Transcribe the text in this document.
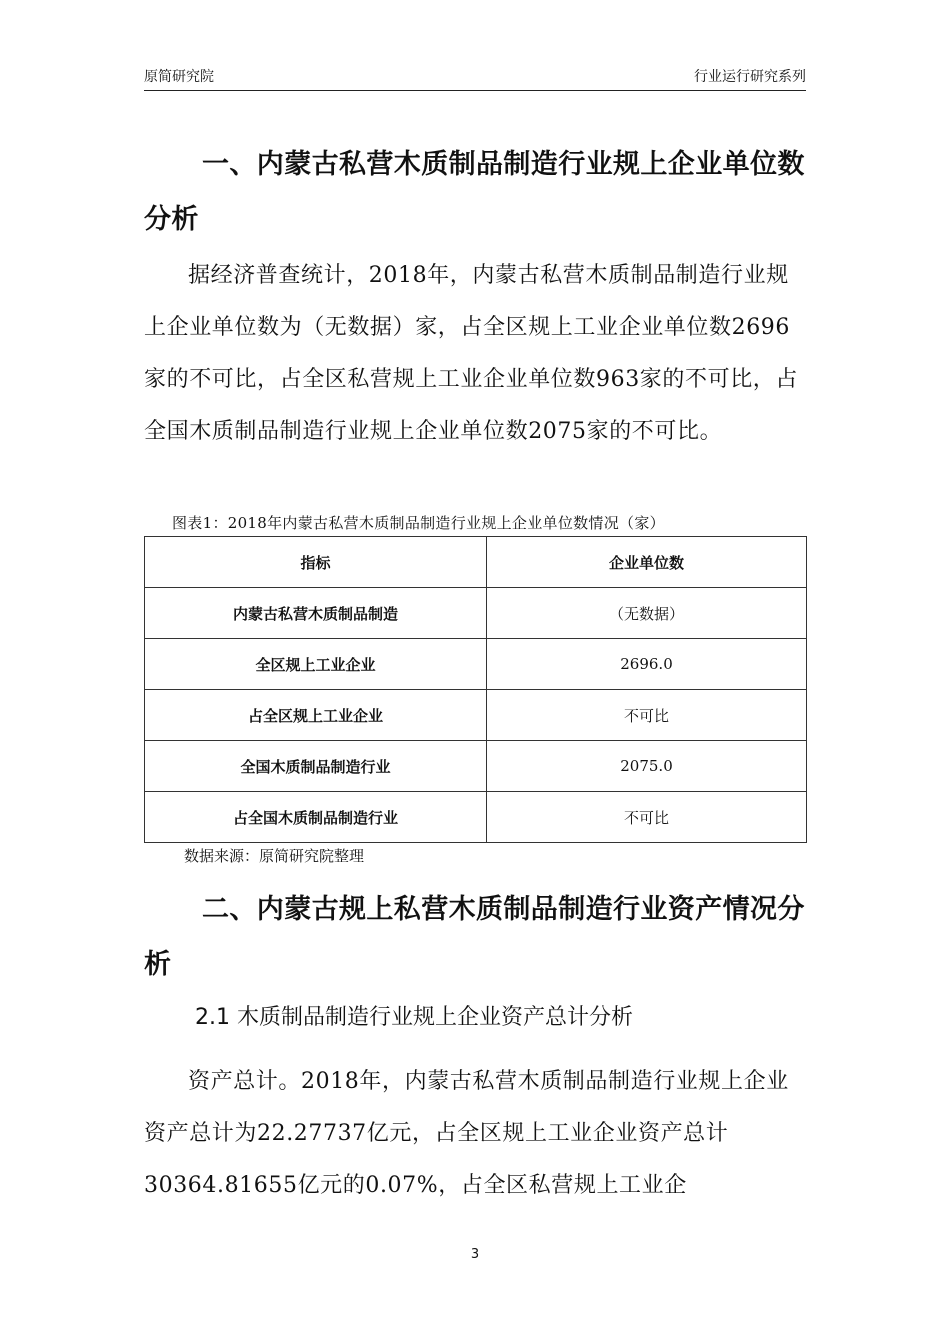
原简研究院	行业运行研究系列
一、内蒙古私营木质制品制造行业规上企业单位数分析
据经济普查统计，2018年，内蒙古私营木质制品制造行业规上企业单位数为（无数据）家，占全区规上工业企业单位数2696家的不可比，占全区私营规上工业企业单位数963家的不可比，占全国木质制品制造行业规上企业单位数2075家的不可比。
图表1：2018年内蒙古私营木质制品制造行业规上企业单位数情况（家）
指标	企业单位数
内蒙古私营木质制品制造	（无数据）
全区规上工业企业	2696.0
占全区规上工业企业	不可比
全国木质制品制造行业	2075.0
占全国木质制品制造行业	不可比
数据来源：原简研究院整理
二、内蒙古规上私营木质制品制造行业资产情况分析
2.1 木质制品制造行业规上企业资产总计分析
资产总计。2018年，内蒙古私营木质制品制造行业规上企业资产总计为22.27737亿元，占全区规上工业企业资产总计30364.81655亿元的0.07%，占全区私营规上工业企
3
